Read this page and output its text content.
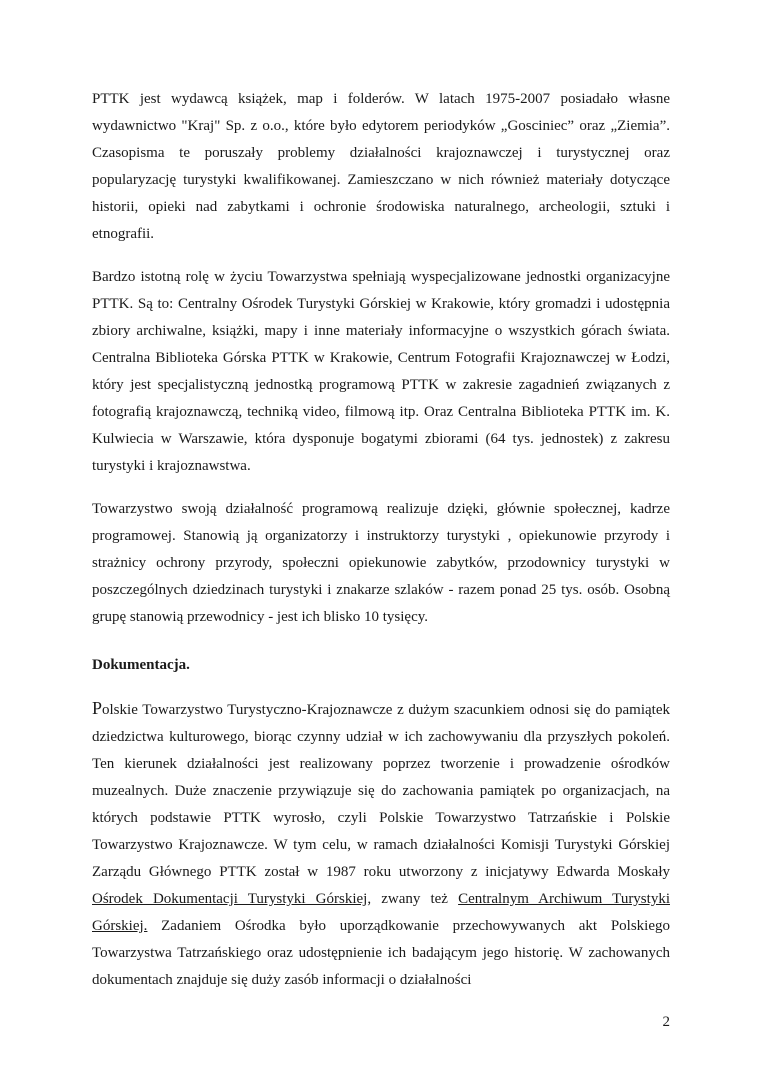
PTTK jest wydawcą książek, map i folderów. W latach 1975-2007 posiadało własne wydawnictwo "Kraj" Sp. z o.o., które było edytorem periodyków „Gosciniec” oraz „Ziemia”. Czasopisma te poruszały problemy działalności krajoznawczej i turystycznej oraz popularyzację turystyki kwalifikowanej. Zamieszczano w nich również materiały dotyczące historii, opieki nad zabytkami i ochronie środowiska naturalnego, archeologii, sztuki i etnografii.

Bardzo istotną rolę w życiu Towarzystwa spełniają wyspecjalizowane jednostki organizacyjne PTTK. Są to: Centralny Ośrodek Turystyki Górskiej w Krakowie, który gromadzi i udostępnia zbiory archiwalne, książki, mapy i inne materiały informacyjne o wszystkich górach świata. Centralna Biblioteka Górska PTTK w Krakowie, Centrum Fotografii Krajoznawczej w Łodzi, który jest specjalistyczną jednostką programową PTTK w zakresie zagadnień związanych z fotografią krajoznawczą, techniką video, filmową itp. Oraz Centralna Biblioteka PTTK im. K. Kulwiecia w Warszawie, która dysponuje bogatymi zbiorami (64 tys. jednostek) z zakresu turystyki i krajoznawstwa.

Towarzystwo swoją działalność programową realizuje dzięki, głównie społecznej, kadrze programowej. Stanowią ją organizatorzy i instruktorzy turystyki , opiekunowie przyrody i strażnicy ochrony przyrody, społeczni opiekunowie zabytków, przodownicy turystyki w poszczególnych dziedzinach turystyki i znakarze szlaków - razem ponad 25 tys. osób. Osobną grupę stanowią przewodnicy - jest ich blisko 10 tysięcy.

Dokumentacja.

Polskie Towarzystwo Turystyczno-Krajoznawcze z dużym szacunkiem odnosi się do pamiątek dziedzictwa kulturowego, biorąc czynny udział w ich zachowywaniu dla przyszłych pokoleń. Ten kierunek działalności jest realizowany poprzez tworzenie i prowadzenie ośrodków muzealnych. Duże znaczenie przywiązuje się do zachowania pamiątek po organizacjach, na których podstawie PTTK wyrosło, czyli Polskie Towarzystwo Tatrzańskie i Polskie Towarzystwo Krajoznawcze. W tym celu, w ramach działalności Komisji Turystyki Górskiej Zarządu Głównego PTTK został w 1987 roku utworzony z inicjatywy Edwarda Moskały Ośrodek Dokumentacji Turystyki Górskiej, zwany też Centralnym Archiwum Turystyki Górskiej. Zadaniem Ośrodka było uporządkowanie przechowywanych akt Polskiego Towarzystwa Tatrzańskiego oraz udostępnienie ich badającym jego historię. W zachowanych dokumentach znajduje się duży zasób informacji o działalności

2
